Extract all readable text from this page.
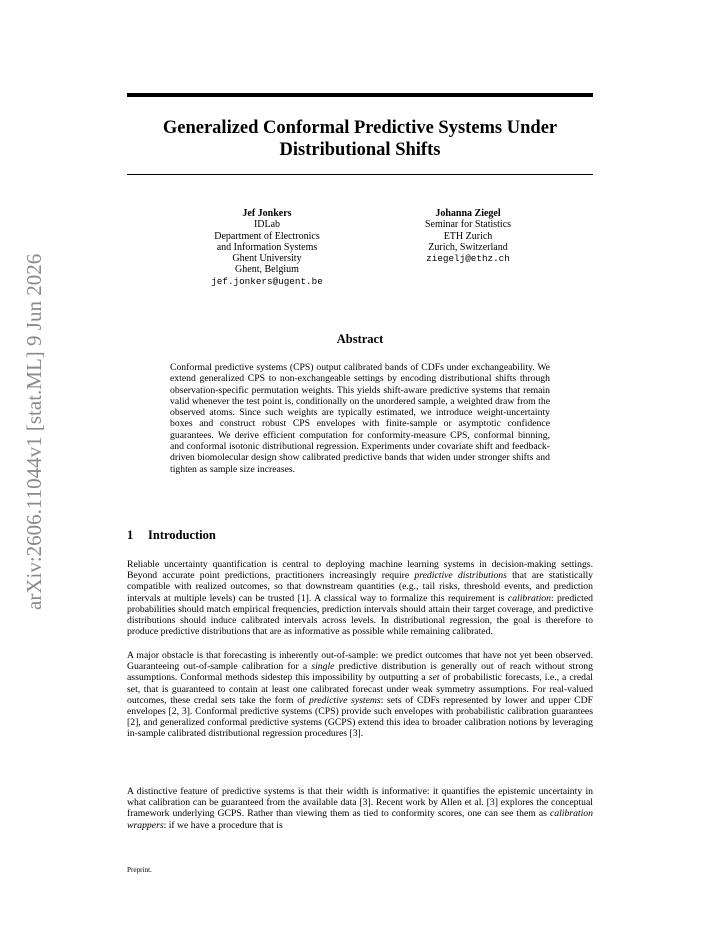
arXiv:2606.11044v1 [stat.ML] 9 Jun 2026
Generalized Conformal Predictive Systems Under
Distributional Shifts
Jef Jonkers
IDLab
Department of Electronics
and Information Systems
Ghent University
Ghent, Belgium
jef.jonkers@ugent.be
Johanna Ziegel
Seminar for Statistics
ETH Zurich
Zurich, Switzerland
ziegelj@ethz.ch
Abstract

Conformal predictive systems (CPS) output calibrated bands of CDFs under exchangeability. We extend generalized CPS to non-exchangeable settings by encoding distributional shifts through observation-specific permutation weights. This yields shift-aware predictive systems that remain valid whenever the test point is, conditionally on the unordered sample, a weighted draw from the observed atoms. Since such weights are typically estimated, we introduce weight-uncertainty boxes and construct robust CPS envelopes with finite-sample or asymptotic confidence guarantees. We derive efficient computation for conformity-measure CPS, conformal binning, and conformal isotonic distributional regression. Experiments under covariate shift and feedback-driven biomolecular design show calibrated predictive bands that widen under stronger shifts and tighten as sample size increases.

1 Introduction

Reliable uncertainty quantification is central to deploying machine learning systems in decision-making settings. Beyond accurate point predictions, practitioners increasingly require predictive distributions that are statistically compatible with realized outcomes, so that downstream quantities (e.g., tail risks, threshold events, and prediction intervals at multiple levels) can be trusted [1]. A classical way to formalize this requirement is calibration: predicted probabilities should match empirical frequencies, prediction intervals should attain their target coverage, and predictive distributions should induce calibrated intervals across levels. In distributional regression, the goal is therefore to produce predictive distributions that are as informative as possible while remaining calibrated.

A major obstacle is that forecasting is inherently out-of-sample: we predict outcomes that have not yet been observed. Guaranteeing out-of-sample calibration for a single predictive distribution is generally out of reach without strong assumptions. Conformal methods sidestep this impossibility by outputting a set of probabilistic forecasts, i.e., a credal set, that is guaranteed to contain at least one calibrated forecast under weak symmetry assumptions. For real-valued outcomes, these credal sets take the form of predictive systems: sets of CDFs represented by lower and upper CDF envelopes [2, 3]. Conformal predictive systems (CPS) provide such envelopes with probabilistic calibration guarantees [2], and generalized conformal predictive systems (GCPS) extend this idea to broader calibration notions by leveraging in-sample calibrated distributional regression procedures [3].

A distinctive feature of predictive systems is that their width is informative: it quantifies the epistemic uncertainty in what calibration can be guaranteed from the available data [3]. Recent work by Allen et al. [3] explores the conceptual framework underlying GCPS. Rather than viewing them as tied to conformity scores, one can see them as calibration wrappers: if we have a procedure that is

Preprint.
